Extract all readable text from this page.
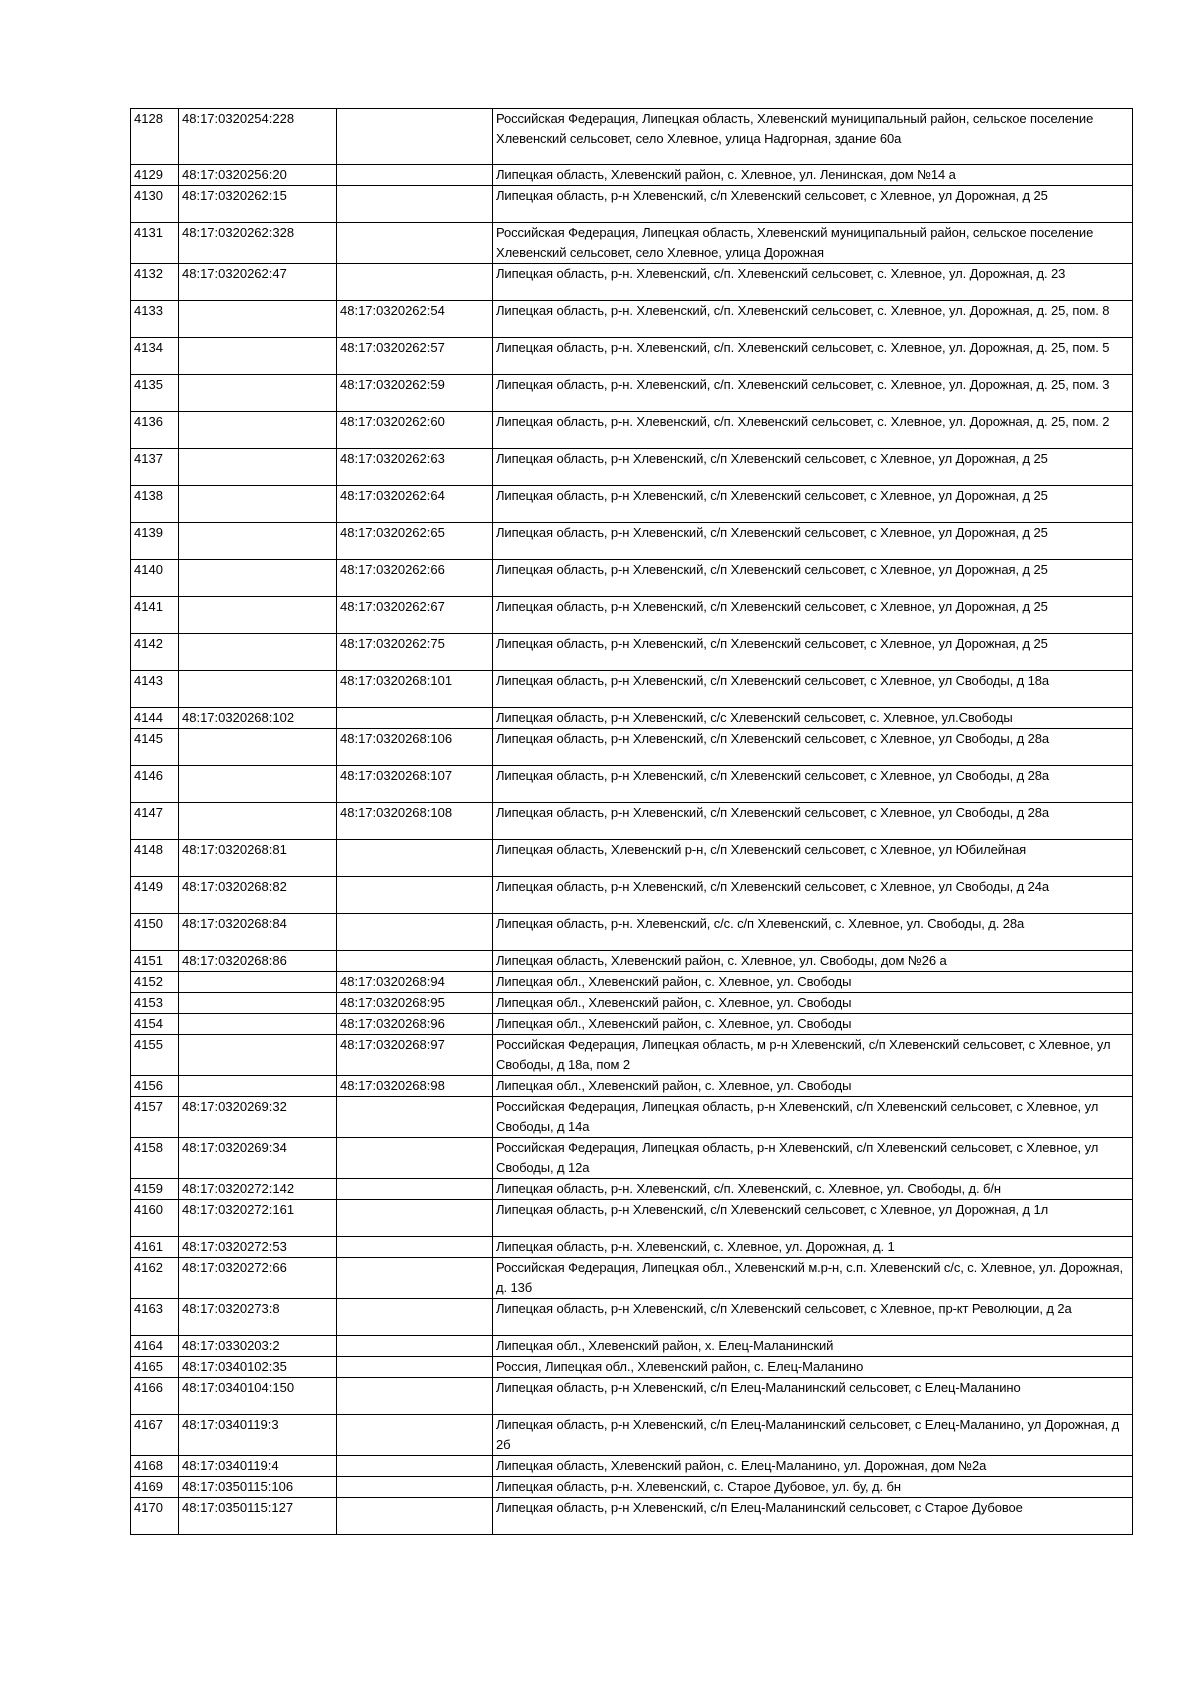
4128	48:17:0320254:228		Российская Федерация, Липецкая область, Хлевенский муниципальный район, сельское поселение Хлевенский сельсовет, село Хлевное, улица Надгорная, здание 60а
4129	48:17:0320256:20		Липецкая область, Хлевенский район, с. Хлевное, ул. Ленинская, дом №14 а
4130	48:17:0320262:15		Липецкая область, р-н Хлевенский, с/п Хлевенский сельсовет, с Хлевное, ул Дорожная, д 25
4131	48:17:0320262:328		Российская Федерация, Липецкая область, Хлевенский муниципальный район, сельское поселение Хлевенский сельсовет, село Хлевное, улица Дорожная
4132	48:17:0320262:47		Липецкая область, р-н. Хлевенский, с/п. Хлевенский сельсовет, с. Хлевное, ул. Дорожная, д. 23
4133		48:17:0320262:54	Липецкая область, р-н. Хлевенский, с/п. Хлевенский сельсовет, с. Хлевное, ул. Дорожная, д. 25, пом. 8
4134		48:17:0320262:57	Липецкая область, р-н. Хлевенский, с/п. Хлевенский сельсовет, с. Хлевное, ул. Дорожная, д. 25, пом. 5
4135		48:17:0320262:59	Липецкая область, р-н. Хлевенский, с/п. Хлевенский сельсовет, с. Хлевное, ул. Дорожная, д. 25, пом. 3
4136		48:17:0320262:60	Липецкая область, р-н. Хлевенский, с/п. Хлевенский сельсовет, с. Хлевное, ул. Дорожная, д. 25, пом. 2
4137		48:17:0320262:63	Липецкая область, р-н Хлевенский, с/п Хлевенский сельсовет, с Хлевное, ул Дорожная, д 25
4138		48:17:0320262:64	Липецкая область, р-н Хлевенский, с/п Хлевенский сельсовет, с Хлевное, ул Дорожная, д 25
4139		48:17:0320262:65	Липецкая область, р-н Хлевенский, с/п Хлевенский сельсовет, с Хлевное, ул Дорожная, д 25
4140		48:17:0320262:66	Липецкая область, р-н Хлевенский, с/п Хлевенский сельсовет, с Хлевное, ул Дорожная, д 25
4141		48:17:0320262:67	Липецкая область, р-н Хлевенский, с/п Хлевенский сельсовет, с Хлевное, ул Дорожная, д 25
4142		48:17:0320262:75	Липецкая область, р-н Хлевенский, с/п Хлевенский сельсовет, с Хлевное, ул Дорожная, д 25
4143		48:17:0320268:101	Липецкая область, р-н Хлевенский, с/п Хлевенский сельсовет, с Хлевное, ул Свободы, д 18а
4144	48:17:0320268:102		Липецкая область, р-н Хлевенский, с/с Хлевенский сельсовет, с. Хлевное, ул.Свободы
4145		48:17:0320268:106	Липецкая область, р-н Хлевенский, с/п Хлевенский сельсовет, с Хлевное, ул Свободы, д 28а
4146		48:17:0320268:107	Липецкая область, р-н Хлевенский, с/п Хлевенский сельсовет, с Хлевное, ул Свободы, д 28а
4147		48:17:0320268:108	Липецкая область, р-н Хлевенский, с/п Хлевенский сельсовет, с Хлевное, ул Свободы, д 28а
4148	48:17:0320268:81		Липецкая область, Хлевенский р-н, с/п Хлевенский сельсовет, с Хлевное, ул Юбилейная
4149	48:17:0320268:82		Липецкая область, р-н Хлевенский, с/п Хлевенский сельсовет, с Хлевное, ул Свободы, д 24а
4150	48:17:0320268:84		Липецкая область, р-н. Хлевенский, с/с. с/п Хлевенский, с. Хлевное, ул. Свободы, д. 28а
4151	48:17:0320268:86		Липецкая область, Хлевенский район, с. Хлевное, ул. Свободы, дом №26 а
4152		48:17:0320268:94	Липецкая обл., Хлевенский район, с. Хлевное, ул. Свободы
4153		48:17:0320268:95	Липецкая обл., Хлевенский район, с. Хлевное, ул. Свободы
4154		48:17:0320268:96	Липецкая обл., Хлевенский район, с. Хлевное, ул. Свободы
4155		48:17:0320268:97	Российская Федерация, Липецкая область, м р-н Хлевенский, с/п Хлевенский сельсовет, с Хлевное, ул Свободы, д 18а, пом 2
4156		48:17:0320268:98	Липецкая обл., Хлевенский район, с. Хлевное, ул. Свободы
4157	48:17:0320269:32		Российская Федерация, Липецкая область, р-н Хлевенский, с/п Хлевенский сельсовет, с Хлевное, ул Свободы, д 14а
4158	48:17:0320269:34		Российская Федерация, Липецкая область, р-н Хлевенский, с/п Хлевенский сельсовет, с Хлевное, ул Свободы, д 12а
4159	48:17:0320272:142		Липецкая область, р-н. Хлевенский, с/п. Хлевенский, с. Хлевное, ул. Свободы, д. б/н
4160	48:17:0320272:161		Липецкая область, р-н Хлевенский, с/п Хлевенский сельсовет, с Хлевное, ул Дорожная, д 1л
4161	48:17:0320272:53		Липецкая область, р-н. Хлевенский, с. Хлевное, ул. Дорожная, д. 1
4162	48:17:0320272:66		Российская Федерация, Липецкая обл., Хлевенский м.р-н, с.п. Хлевенский с/с, с. Хлевное, ул. Дорожная, д. 13б
4163	48:17:0320273:8		Липецкая область, р-н Хлевенский, с/п Хлевенский сельсовет, с Хлевное, пр-кт Революции, д 2а
4164	48:17:0330203:2		Липецкая обл., Хлевенский район, х. Елец-Маланинский
4165	48:17:0340102:35		Россия, Липецкая обл., Хлевенский район, с. Елец-Маланино
4166	48:17:0340104:150		Липецкая область, р-н Хлевенский, с/п Елец-Маланинский сельсовет, с Елец-Маланино
4167	48:17:0340119:3		Липецкая область, р-н Хлевенский, с/п Елец-Маланинский сельсовет, с Елец-Маланино, ул Дорожная, д 2б
4168	48:17:0340119:4		Липецкая область, Хлевенский район, с. Елец-Маланино, ул. Дорожная, дом №2а
4169	48:17:0350115:106		Липецкая область, р-н. Хлевенский, с. Старое Дубовое, ул. бу, д. бн
4170	48:17:0350115:127		Липецкая область, р-н Хлевенский, с/п Елец-Маланинский сельсовет, с Старое Дубовое
